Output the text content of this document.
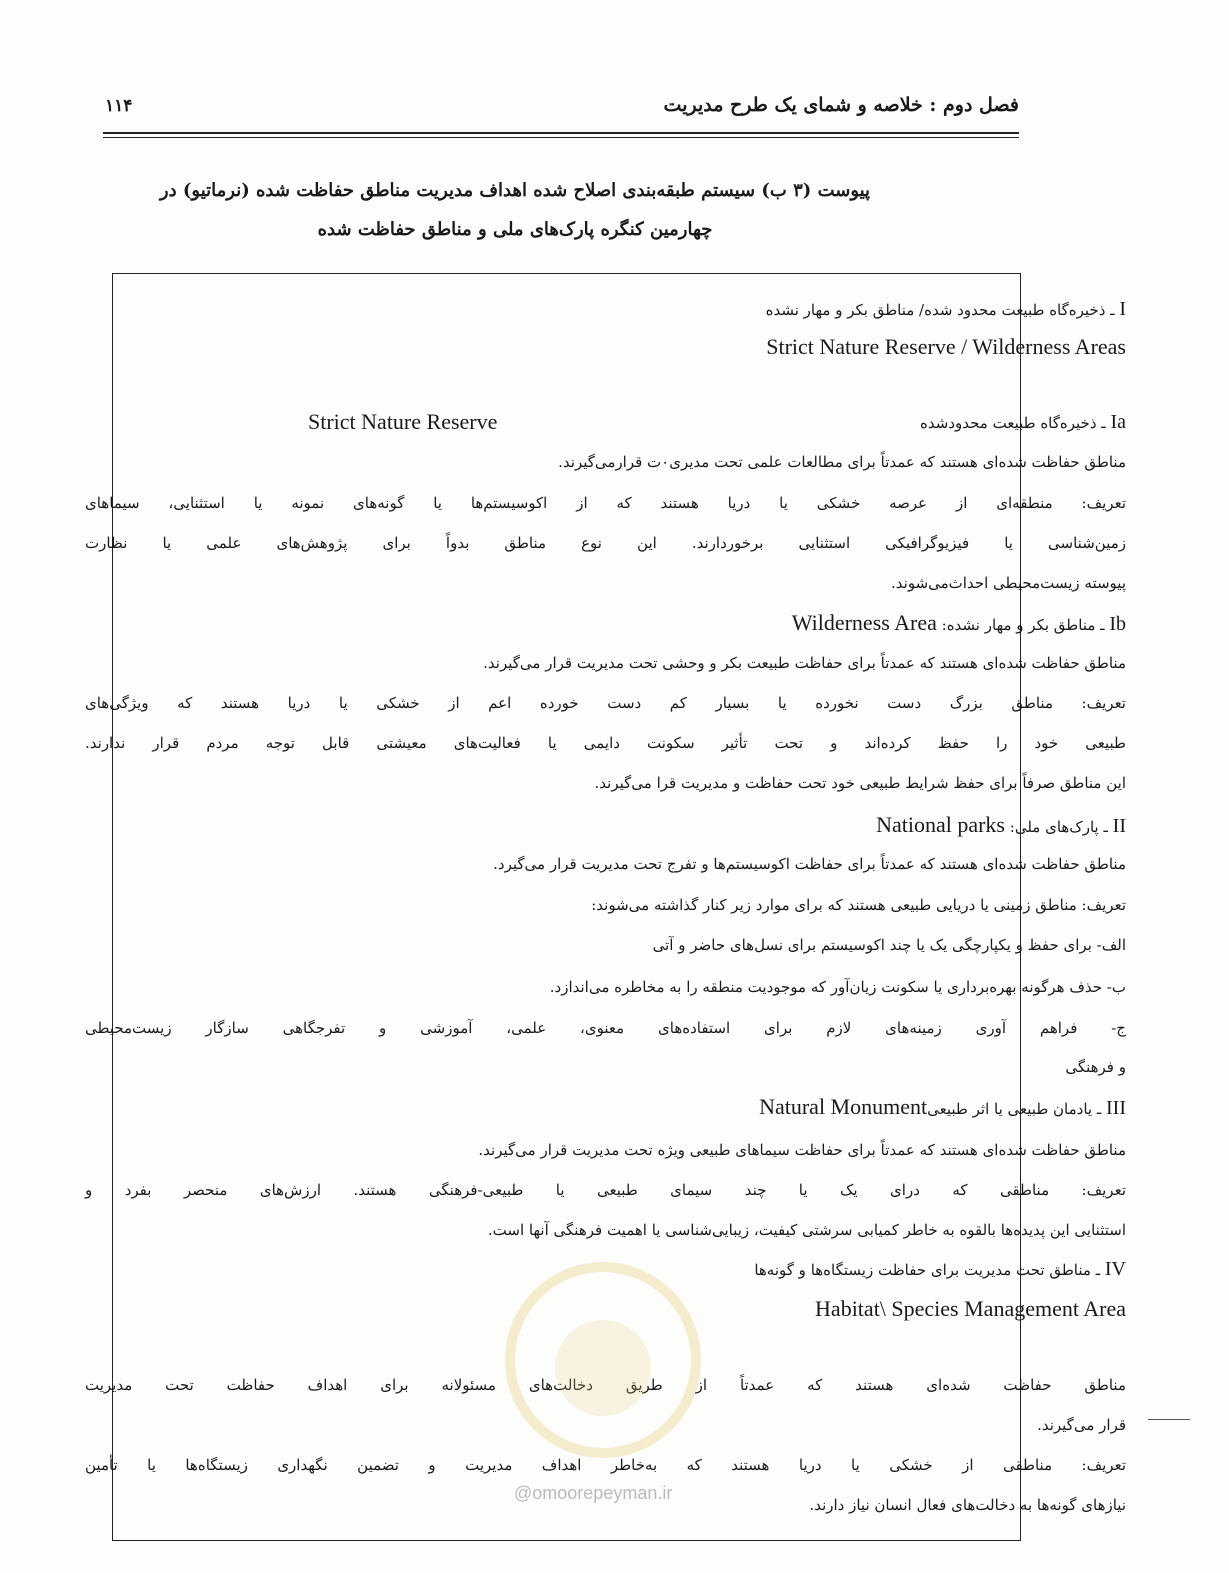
فصل دوم : خلاصه و شمای یک طرح مدیریت
۱۱۴
پیوست (۳ ب) سیستم طبقه‌بندی اصلاح شده اهداف مدیریت مناطق حفاظت شده (نرماتیو) در
چهارمین کنگره پارک‌های ملی و مناطق حفاظت شده
I ـ ذخیره‌گاه طبیعت محدود شده/ مناطق بکر و مهار نشده
Strict Nature Reserve / Wilderness Areas
Ia ـ ذخیره‌گاه طبیعت محدودشده
Strict Nature Reserve
مناطق حفاظت شده‌ای هستند که عمدتاً برای مطالعات علمی تحت مدیری٠ت قرارمی‌گیرند.
تعریف: منطقه‌ای از عرصه خشکی یا دریا هستند که از اکوسیستم‌ها یا گونه‌های نمونه یا استثنایی، سیماهای
زمین‌شناسی یا فیزیوگرافیکی استثنایی برخوردارند. این نوع مناطق بدواً برای پژوهش‌های علمی یا نظارت
پیوسته زیست‌محیطی احداث‌می‌شوند.
Ib ـ مناطق بکر و مهار نشده: Wilderness Area
مناطق حفاظت شده‌ای هستند که عمدتاً برای حفاظت طبیعت بکر و وحشی تحت مدیریت قرار می‌گیرند.
تعریف: مناطق بزرگ دست نخورده یا بسیار کم دست خورده اعم از خشکی یا دریا هستند که ویژگی‌های
طبیعی خود را حفظ کرده‌اند و تحت تأثیر سکونت دایمی یا فعالیت‌های معیشتی قابل توجه مردم قرار ندارند.
این مناطق صرفاً برای حفظ شرایط طبیعی خود تحت حفاظت و مدیریت قرا می‌گیرند.
II ـ پارک‌های ملی: National parks
مناطق حفاظت شده‌ای هستند که عمدتاً برای حفاظت اکوسیستم‌ها و تفرج تحت مدیریت قرار می‌گیرد.
تعریف: مناطق زمینی یا دریایی طبیعی هستند که برای موارد زیر کنار گذاشته می‌شوند:
الف- برای حفظ و یکپارچگی یک یا چند اکوسیستم برای نسل‌های حاضر و آتی
ب- حذف هرگونه بهره‌برداری یا سکونت زیان‌آور که موجودیت منطقه را به مخاطره می‌اندازد.
ج- فراهم آوری زمینه‌های لازم برای استفاده‌های معنوی، علمی، آموزشی و تفرجگاهی سازگار زیست‌محیطی
و فرهنگی
III ـ یادمان طبیعی یا اثر طبیعیNatural Monument
مناطق حفاظت شده‌ای هستند که عمدتاً برای حفاظت سیماهای طبیعی ویژه تحت مدیریت قرار می‌گیرند.
تعریف: مناطقی که درای یک یا چند سیمای طبیعی یا طبیعی-فرهنگی هستند. ارزش‌های منحصر بفرد و
استثنایی این پدیده‌ها بالقوه به خاطر کمیابی سرشتی کیفیت، زیبایی‌شناسی یا اهمیت فرهنگی آنها است.
IV ـ مناطق تحت مدیریت برای حفاظت زیستگاه‌ها و گونه‌ها
Habitat\ Species Management Area
مناطق حفاظت شده‌ای هستند که عمدتاً از طریق دخالت‌های مسئولانه برای اهداف حفاظت تحت مدیریت
قرار می‌گیرند.
تعریف: مناطقی از خشکی یا دریا هستند که به‌خاطر اهداف مدیریت و تضمین نگهداری زیستگاه‌ها یا تأمین
نیازهای گونه‌ها به دخالت‌های فعال انسان نیاز دارند.
@omoorepeyman.ir
